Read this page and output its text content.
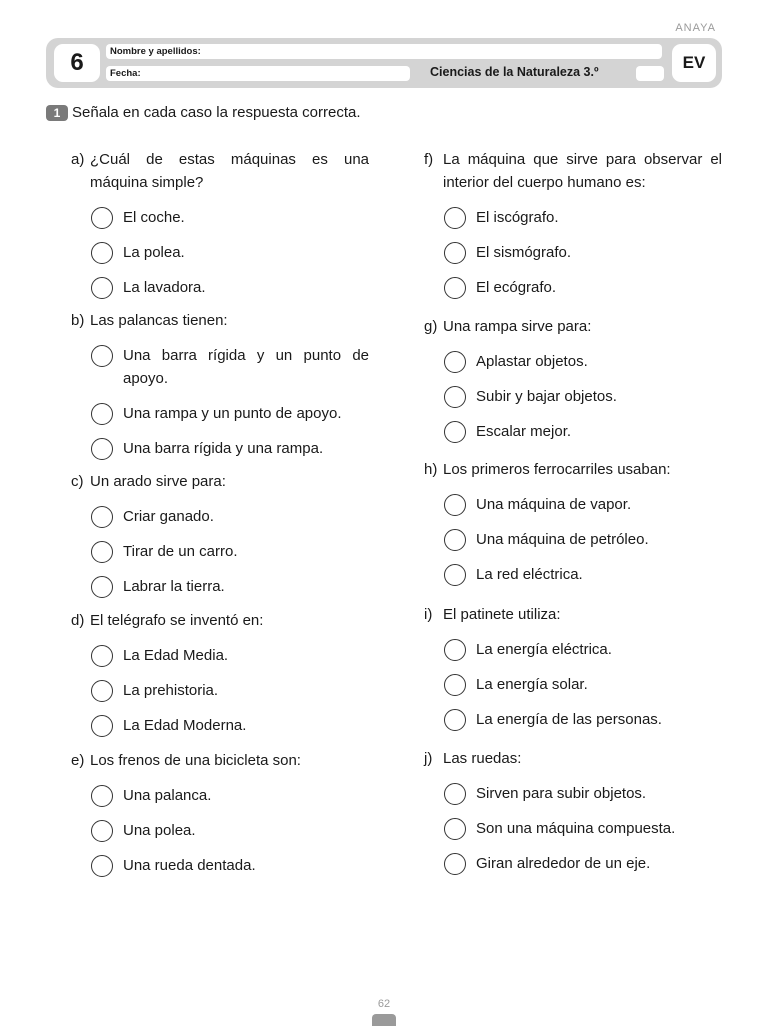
ANAYA
6	Nombre y apellidos:
Fecha:	Ciencias de la Naturaleza 3.º	EV
1 Señala en cada caso la respuesta correcta.
a) ¿Cuál de estas máquinas es una máquina simple?
El coche.
La polea.
La lavadora.
b) Las palancas tienen:
Una barra rígida y un punto de apoyo.
Una rampa y un punto de apoyo.
Una barra rígida y una rampa.
c) Un arado sirve para:
Criar ganado.
Tirar de un carro.
Labrar la tierra.
d) El telégrafo se inventó en:
La Edad Media.
La prehistoria.
La Edad Moderna.
e) Los frenos de una bicicleta son:
Una palanca.
Una polea.
Una rueda dentada.
f) La máquina que sirve para observar el interior del cuerpo humano es:
El iscógrafo.
El sismógrafo.
El ecógrafo.
g) Una rampa sirve para:
Aplastar objetos.
Subir y bajar objetos.
Escalar mejor.
h) Los primeros ferrocarriles usaban:
Una máquina de vapor.
Una máquina de petróleo.
La red eléctrica.
i) El patinete utiliza:
La energía eléctrica.
La energía solar.
La energía de las personas.
j) Las ruedas:
Sirven para subir objetos.
Son una máquina compuesta.
Giran alrededor de un eje.
62
